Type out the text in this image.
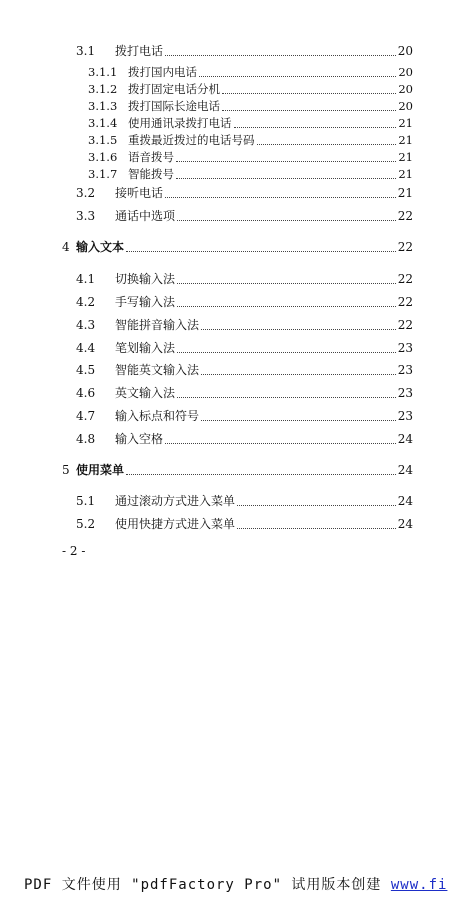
3.1	拨打电话	20
3.1.1 拨打国内电话	20
3.1.2 拨打固定电话分机	20
3.1.3 拨打国际长途电话	20
3.1.4 使用通讯录拨打电话	21
3.1.5 重拨最近拨过的电话号码	21
3.1.6 语音拨号	21
3.1.7 智能拨号	21
3.2	接听电话	21
3.3	通话中选项	22
4 输入文本	22
4.1	切换输入法	22
4.2	手写输入法	22
4.3	智能拼音输入法	22
4.4	笔划输入法	23
4.5	智能英文输入法	23
4.6	英文输入法	23
4.7	输入标点和符号	23
4.8	输入空格	24
5 使用菜单	24
5.1	通过滚动方式进入菜单	24
5.2	使用快捷方式进入菜单	24
- 2 -
PDF 文件使用 "pdfFactory Pro" 试用版本创建 www.fi
